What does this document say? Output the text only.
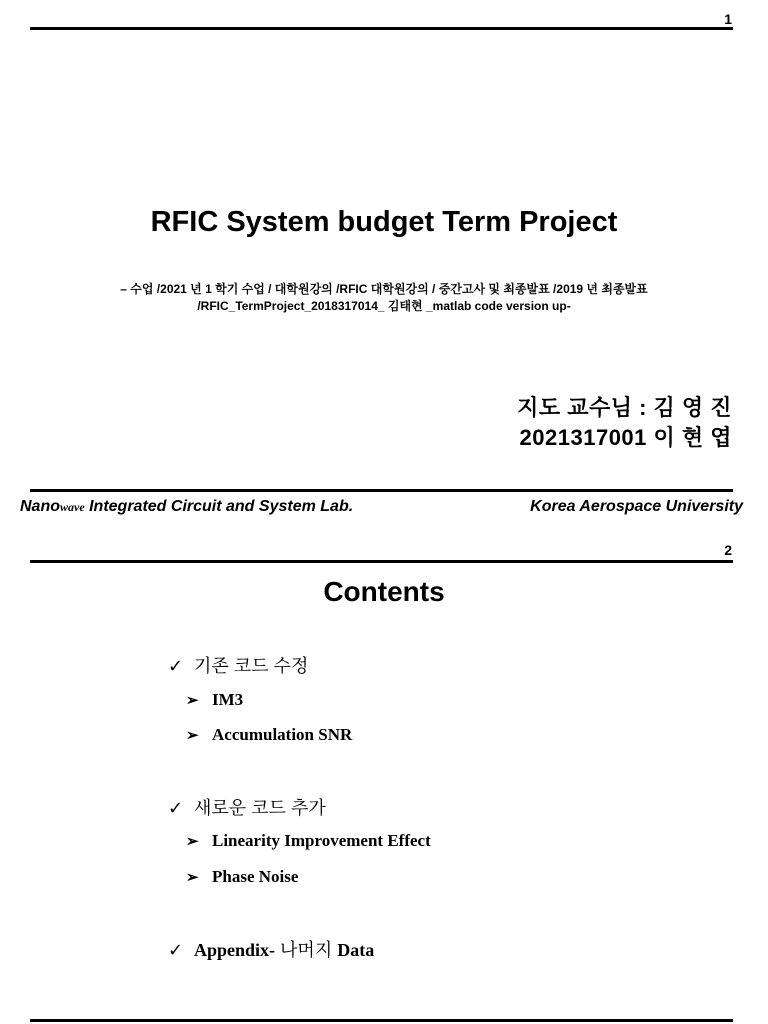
1
RFIC System budget Term Project
– 수업 /2021 년 1 학기 수업 / 대학원강의 /RFIC 대학원강의 / 중간고사 및 최종발표 /2019 년 최종발표
/RFIC_TermProject_2018317014_ 김태현 _matlab code version up-
지도 교수님 : 김 영 진
2021317001 이 현 엽
Nanowave Integrated Circuit and System Lab.	Korea Aerospace University
2
Contents
✓ 기존 코드 수정
➢ IM3
➢ Accumulation SNR
✓ 새로운 코드 추가
➢ Linearity Improvement Effect
➢ Phase Noise
✓ Appendix- 나머지 Data
